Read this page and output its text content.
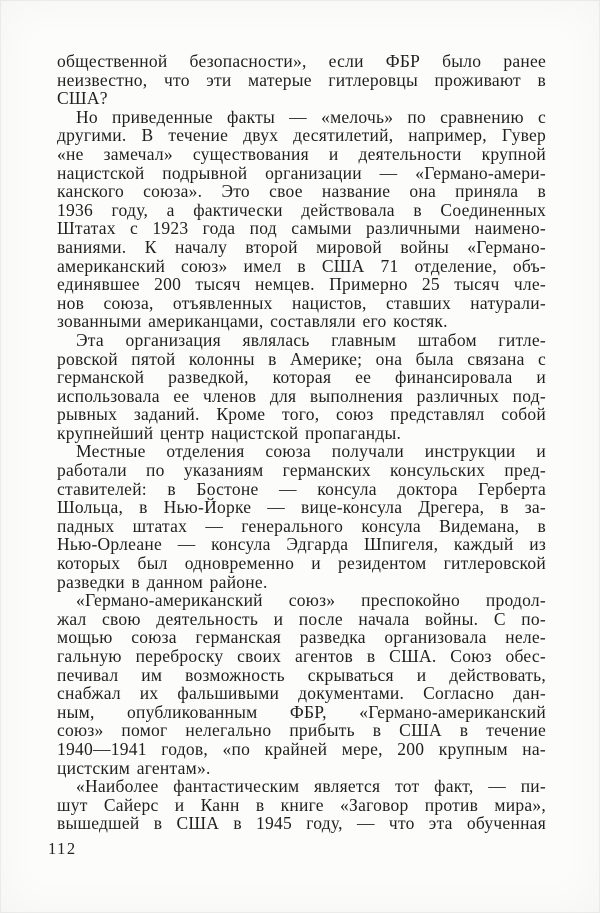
общественной безопасности», если ФБР было ранее
неизвестно, что эти матерые гитлеровцы проживают в
США?
Но приведенные факты — «мелочь» по сравнению с
другими. В течение двух десятилетий, например, Гувер
«не замечал» существования и деятельности крупной
нацистской подрывной организации — «Германо-амери-
канского союза». Это свое название она приняла в
1936 году, а фактически действовала в Соединенных
Штатах с 1923 года под самыми различными наимено-
ваниями. К началу второй мировой войны «Германо-
американский союз» имел в США 71 отделение, объ-
единявшее 200 тысяч немцев. Примерно 25 тысяч чле-
нов союза, отъявленных нацистов, ставших натурали-
зованными американцами, составляли его костяк.
Эта организация являлась главным штабом гитле-
ровской пятой колонны в Америке; она была связана с
германской разведкой, которая ее финансировала и
использовала ее членов для выполнения различных под-
рывных заданий. Кроме того, союз представлял собой
крупнейший центр нацистской пропаганды.
Местные отделения союза получали инструкции и
работали по указаниям германских консульских пред-
ставителей: в Бостоне — консула доктора Герберта
Шольца, в Нью-Йорке — вице-консула Дрегера, в за-
падных штатах — генерального консула Видемана, в
Нью-Орлеане — консула Эдгарда Шпигеля, каждый из
которых был одновременно и резидентом гитлеровской
разведки в данном районе.
«Германо-американский союз» преспокойно продол-
жал свою деятельность и после начала войны. С по-
мощью союза германская разведка организовала неле-
гальную переброску своих агентов в США. Союз обес-
печивал им возможность скрываться и действовать,
снабжал их фальшивыми документами. Согласно дан-
ным, опубликованным ФБР, «Германо-американский
союз» помог нелегально прибыть в США в течение
1940—1941 годов, «по крайней мере, 200 крупным на-
цистским агентам».
«Наиболее фантастическим является тот факт, — пи-
шут Сайерс и Канн в книге «Заговор против мира»,
вышедшей в США в 1945 году, — что эта обученная
112
